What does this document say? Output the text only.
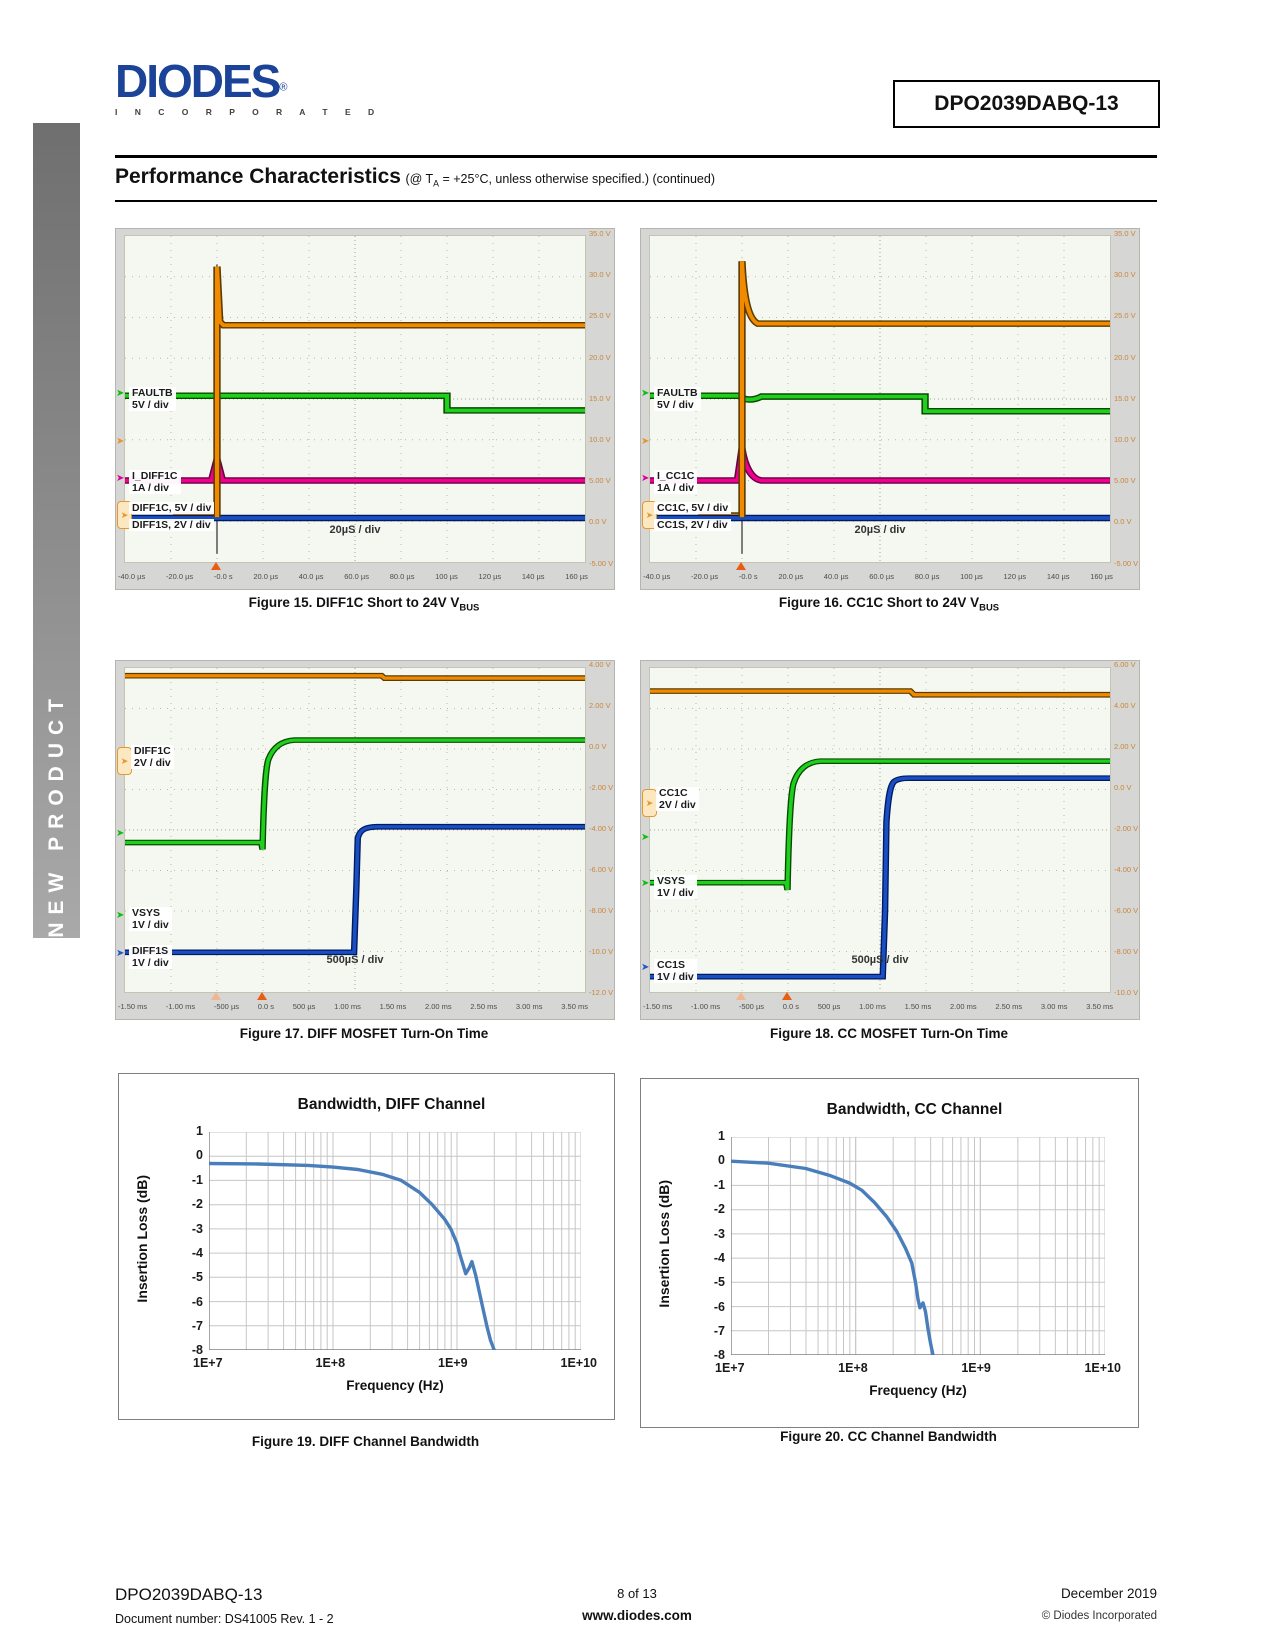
NEW PRODUCT
DIODES®
I N C O R P O R A T E D	DPO2039DABQ-13
Performance Characteristics (@ $T_A = +25^\circ C$, unless otherwise specified.) (continued)
20µS / div
➤ FAULTB
5V / div
➤
➤ I_DIFF1C
1A / div
➤
DIFF1C, 5V / div
DIFF1S, 2V / div
35.0 V
30.0 V
25.0 V
20.0 V
15.0 V
10.0 V
5.00 V
0.0 V
-5.00 V
-40.0 µs	-20.0 µs	-0.0 s	20.0 µs	40.0 µs	60.0 µs	80.0 µs	100 µs	120 µs	140 µs	160 µs
20µS / div
➤ FAULTB
5V / div
➤
➤ I_CC1C
1A / div
➤
CC1C, 5V / div
CC1S, 2V / div
35.0 V
30.0 V
25.0 V
20.0 V
15.0 V
10.0 V
5.00 V
0.0 V
-5.00 V
-40.0 µs	-20.0 µs	-0.0 s	20.0 µs	40.0 µs	60.0 µs	80.0 µs	100 µs	120 µs	140 µs	160 µs
Figure 15. DIFF1C Short to 24V $V_{BUS}$	Figure 16. CC1C Short to 24V $V_{BUS}$
500µS / div
➤
DIFF1C
2V / div
➤
➤ VSYS
1V / div
➤ DIFF1S
1V / div
4.00 V
2.00 V
0.0 V
-2.00 V
-4.00 V
-6.00 V
-8.00 V
-10.0 V
-12.0 V
-1.50 ms -1.00 ms -500 µs 0.0 s 500 µs 1.00 ms 1.50 ms 2.00 ms 2.50 ms 3.00 ms 3.50 ms
500µS / div
➤
CC1C
2V / div
➤
➤ VSYS
1V / div
➤ CC1S
1V / div
6.00 V
4.00 V
2.00 V
0.0 V
-2.00 V
-4.00 V
-6.00 V
-8.00 V
-10.0 V
-1.50 ms -1.00 ms -500 µs 0.0 s 500 µs 1.00 ms 1.50 ms 2.00 ms 2.50 ms 3.00 ms 3.50 ms
Figure 17. DIFF MOSFET Turn-On Time	Figure 18. CC MOSFET Turn-On Time
Bandwidth, DIFF Channel
Insertion Loss (dB)
1
0
-1
-2
-3
-4
-5
-6
-7
-8
1E+7	1E+8	1E+9	1E+10
Frequency (Hz)
Bandwidth, CC Channel
Insertion Loss (dB)
1
0
-1
-2
-3
-4
-5
-6
-7
-8
1E+7	1E+8	1E+9	1E+10
Frequency (Hz)
Figure 19. DIFF Channel Bandwidth	Figure 20. CC Channel Bandwidth
DPO2039DABQ-13
Document number: DS41005 Rev. 1 - 2
8 of 13
www.diodes.com
December 2019
© Diodes Incorporated
